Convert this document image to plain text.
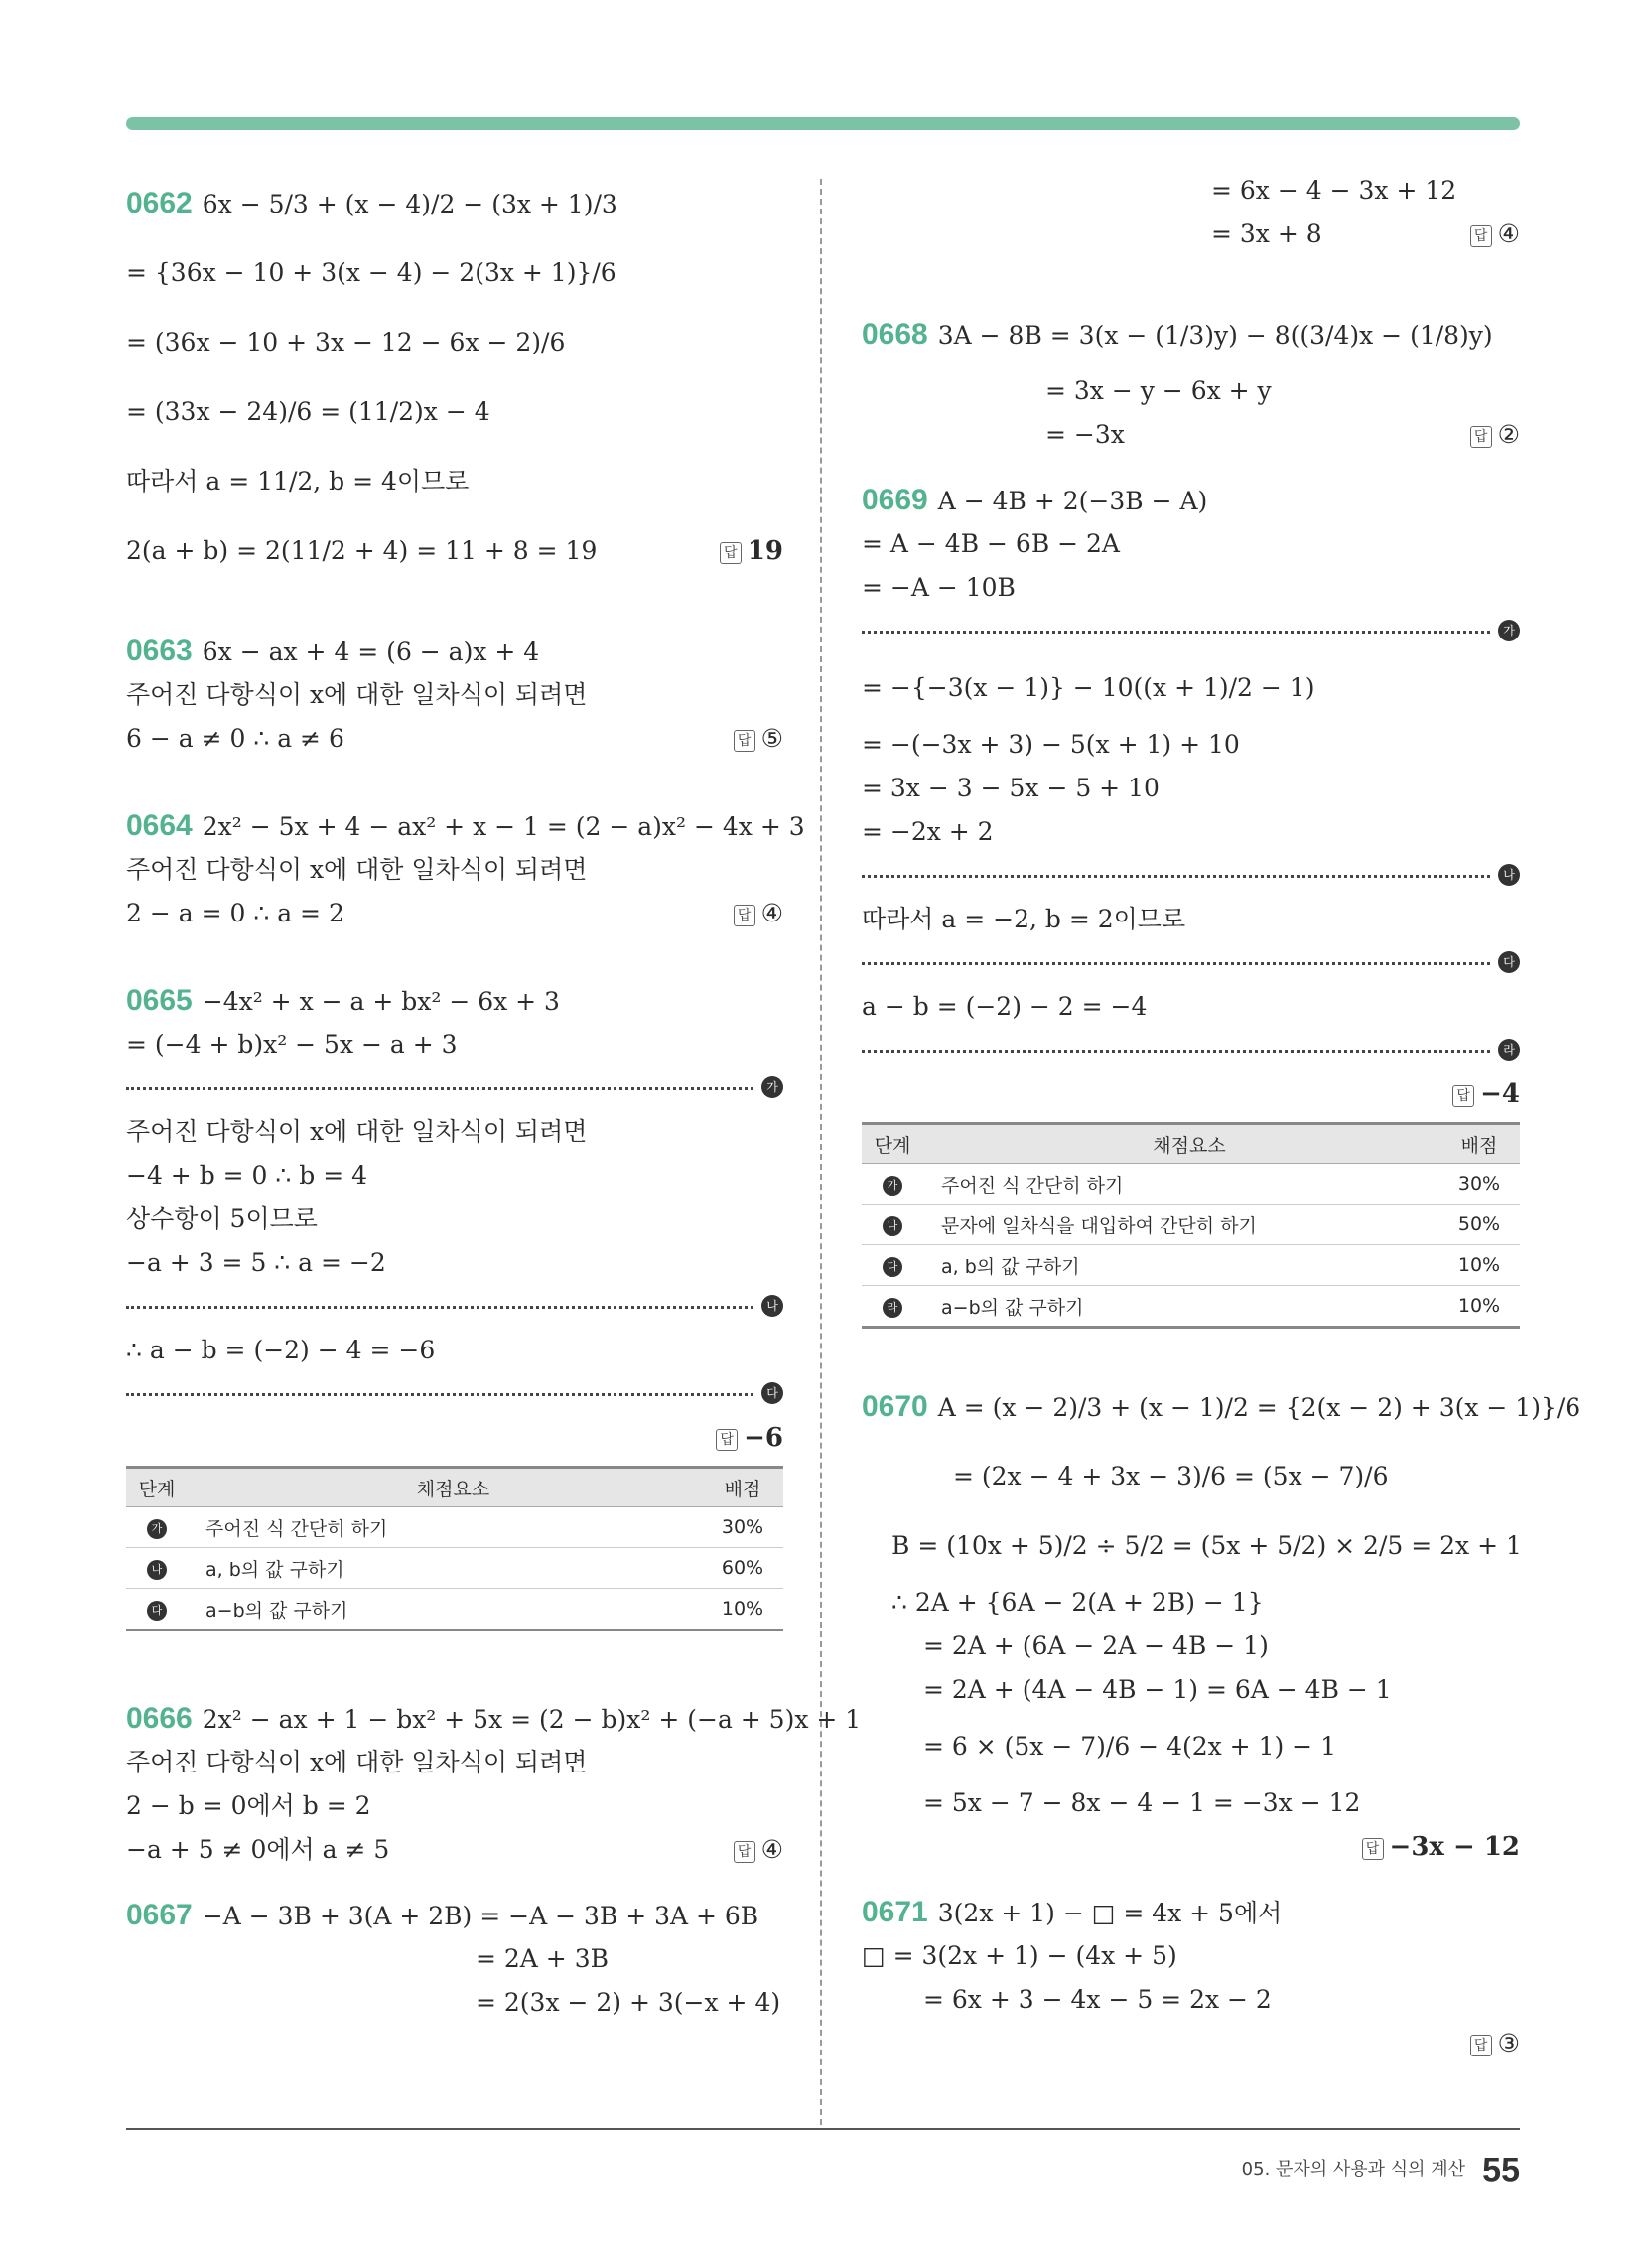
0662 6x − 5/3 + (x − 4)/2 − (3x + 1)/3
= {36x − 10 + 3(x − 4) − 2(3x + 1)}/6
= (36x − 10 + 3x − 12 − 6x − 2)/6
= (33x − 24)/6 = (11/2)x − 4
따라서 a = 11/2, b = 4이므로
2(a + b) = 2(11/2 + 4) = 11 + 8 = 19	답 19
0663 6x − ax + 4 = (6 − a)x + 4
주어진 다항식이 x에 대한 일차식이 되려면
6 − a ≠ 0 ∴ a ≠ 6	답 ⑤
0664 2x² − 5x + 4 − ax² + x − 1 = (2 − a)x² − 4x + 3
주어진 다항식이 x에 대한 일차식이 되려면
2 − a = 0 ∴ a = 2	답 ④
0665 −4x² + x − a + bx² − 6x + 3
= (−4 + b)x² − 5x − a + 3
가
주어진 다항식이 x에 대한 일차식이 되려면
−4 + b = 0 ∴ b = 4
상수항이 5이므로
−a + 3 = 5 ∴ a = −2
나
∴ a − b = (−2) − 4 = −6
다
답 −6
단계	채점요소	배점
가	주어진 식 간단히 하기	30%
나	a, b의 값 구하기	60%
다	a−b의 값 구하기	10%
0666 2x² − ax + 1 − bx² + 5x = (2 − b)x² + (−a + 5)x + 1
주어진 다항식이 x에 대한 일차식이 되려면
2 − b = 0에서 b = 2
−a + 5 ≠ 0에서 a ≠ 5	답 ④
0667 −A − 3B + 3(A + 2B) = −A − 3B + 3A + 6B
= 2A + 3B
= 2(3x − 2) + 3(−x + 4)
= 6x − 4 − 3x + 12
= 3x + 8	답 ④
0668 3A − 8B = 3(x − (1/3)y) − 8((3/4)x − (1/8)y)
= 3x − y − 6x + y
= −3x	답 ②
0669 A − 4B + 2(−3B − A)
= A − 4B − 6B − 2A
= −A − 10B
가
= −{−3(x − 1)} − 10((x + 1)/2 − 1)
= −(−3x + 3) − 5(x + 1) + 10
= 3x − 3 − 5x − 5 + 10
= −2x + 2
나
따라서 a = −2, b = 2이므로
다
a − b = (−2) − 2 = −4
라
답 −4
단계	채점요소	배점
가	주어진 식 간단히 하기	30%
나	문자에 일차식을 대입하여 간단히 하기	50%
다	a, b의 값 구하기	10%
라	a−b의 값 구하기	10%
0670 A = (x − 2)/3 + (x − 1)/2 = {2(x − 2) + 3(x − 1)}/6
= (2x − 4 + 3x − 3)/6 = (5x − 7)/6
B = (10x + 5)/2 ÷ 5/2 = (5x + 5/2) × 2/5 = 2x + 1
∴ 2A + {6A − 2(A + 2B) − 1}
= 2A + (6A − 2A − 4B − 1)
= 2A + (4A − 4B − 1) = 6A − 4B − 1
= 6 × (5x − 7)/6 − 4(2x + 1) − 1
= 5x − 7 − 8x − 4 − 1 = −3x − 12
답 −3x − 12
0671 3(2x + 1) − □ = 4x + 5에서
□ = 3(2x + 1) − (4x + 5)
= 6x + 3 − 4x − 5 = 2x − 2
답 ③
05. 문자의 사용과 식의 계산 55
